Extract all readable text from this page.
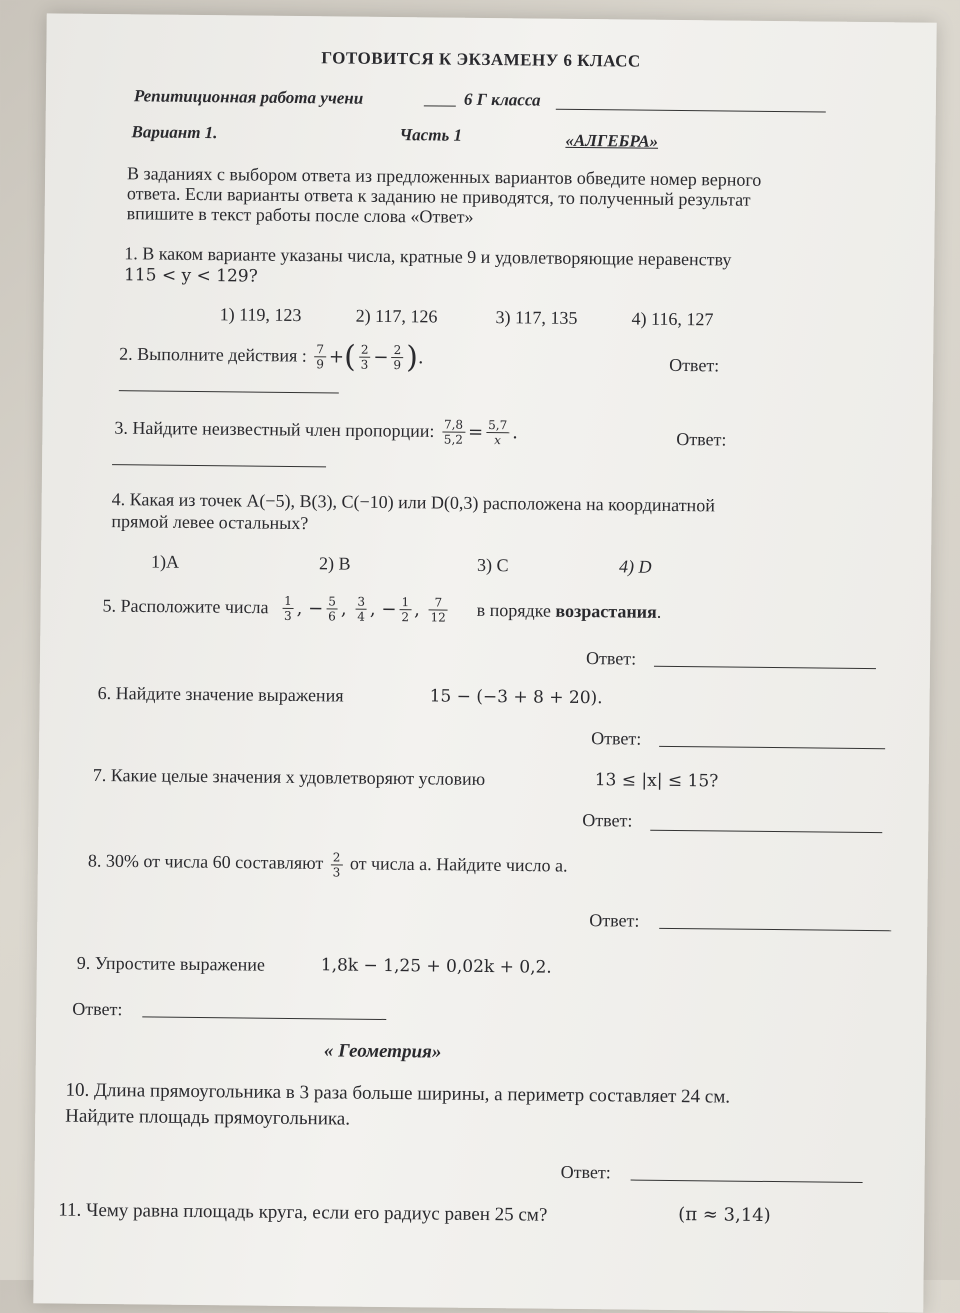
ГОТОВИТСЯ К ЭКЗАМЕНУ 6 КЛАСС
Репитиционная работа учени	6 Г класса
Вариант 1.	Часть 1	«АЛГЕБРА»
В заданиях с выбором ответа из предложенных вариантов обведите номер верного
ответа. Если варианты ответа к заданию не приводятся, то полученный результат
впишите в текст работы после слова «Ответ»
1. В каком варианте указаны числа, кратные 9 и удовлетворяющие неравенству
115 < y < 129?
1) 119, 123	2) 117, 126	3) 117, 135	4) 116, 127
2. Выполните действия : $\frac{7}{9}$ +( $\frac{2}{3} - \frac{2}{9}$ ).	Ответ:
3. Найдите неизвестный член пропорции: $\frac{7,8}{5,2} = \frac{5,7}{x}$ .	Ответ:
4. Какая из точек A(−5), B(3), C(−10) или D(0,3) расположена на координатной
прямой левее остальных?
1)A	2) B	3) C	4) D
5. Расположите числа $\frac{1}{3}$ , − $\frac{5}{6}$ , $\frac{3}{4}$ , − $\frac{1}{2}$ , $\frac{7}{12}$ в порядке возрастания.
Ответ:
6. Найдите значение выражения	15 − (−3 + 8 + 20).
Ответ:
7. Какие целые значения х удовлетворяют условию	13 ≤ |x| ≤ 15?
Ответ:
8. 30% от числа 60 составляют $\frac{2}{3}$ от числа a. Найдите число a.
Ответ:
9. Упростите выражение	1,8k − 1,25 + 0,02k + 0,2.
Ответ:
« Геометрия»
10. Длина прямоугольника в 3 раза больше ширины, а периметр составляет 24 см.
Найдите площадь прямоугольника.
Ответ:
11. Чему равна площадь круга, если его радиус равен 25 см?	(π ≈ 3,14)
